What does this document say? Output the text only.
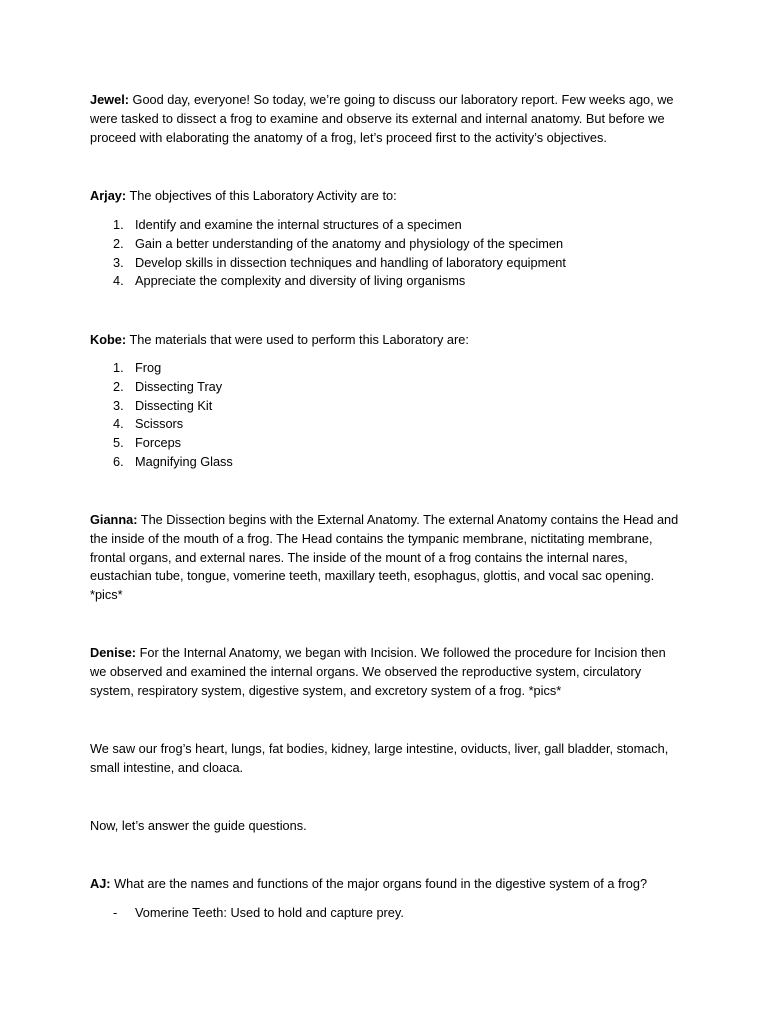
Jewel: Good day, everyone! So today, we’re going to discuss our laboratory report. Few weeks ago, we
were tasked to dissect a frog to examine and observe its external and internal anatomy. But before we
proceed with elaborating the anatomy of a frog, let’s proceed first to the activity’s objectives.
Arjay: The objectives of this Laboratory Activity are to:
1. Identify and examine the internal structures of a specimen
2. Gain a better understanding of the anatomy and physiology of the specimen
3. Develop skills in dissection techniques and handling of laboratory equipment
4. Appreciate the complexity and diversity of living organisms
Kobe: The materials that were used to perform this Laboratory are:
1. Frog
2. Dissecting Tray
3. Dissecting Kit
4. Scissors
5. Forceps
6. Magnifying Glass
Gianna: The Dissection begins with the External Anatomy. The external Anatomy contains the Head and
the inside of the mouth of a frog. The Head contains the tympanic membrane, nictitating membrane,
frontal organs, and external nares. The inside of the mount of a frog contains the internal nares,
eustachian tube, tongue, vomerine teeth, maxillary teeth, esophagus, glottis, and vocal sac opening.
*pics*
Denise: For the Internal Anatomy, we began with Incision. We followed the procedure for Incision then
we observed and examined the internal organs. We observed the reproductive system, circulatory
system, respiratory system, digestive system, and excretory system of a frog. *pics*
We saw our frog’s heart, lungs, fat bodies, kidney, large intestine, oviducts, liver, gall bladder, stomach,
small intestine, and cloaca.
Now, let’s answer the guide questions.
AJ: What are the names and functions of the major organs found in the digestive system of a frog?
-	Vomerine Teeth: Used to hold and capture prey.
